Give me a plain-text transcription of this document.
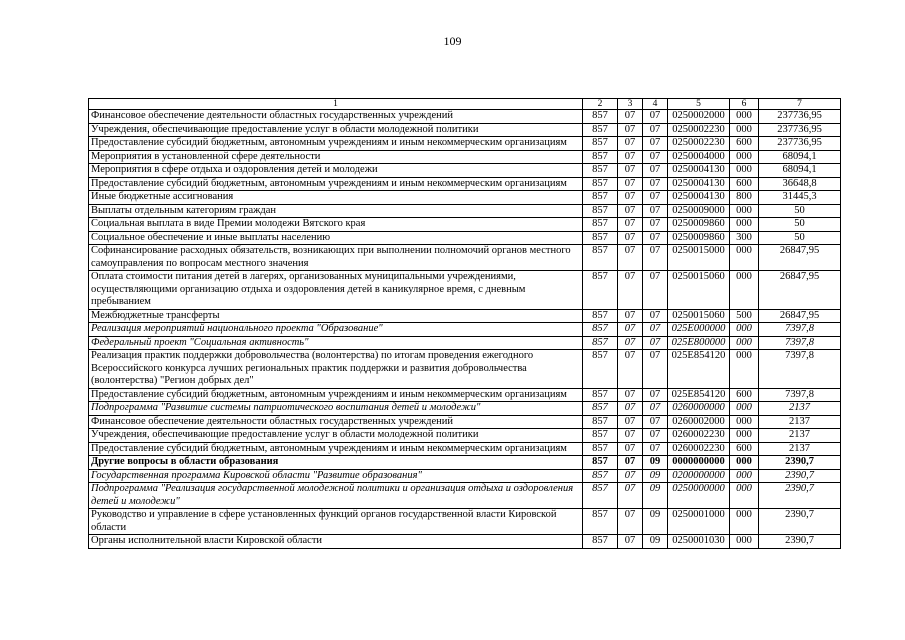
109
1	2	3	4	5	6	7
Финансовое обеспечение деятельности областных государственных учреждений	857	07	07	0250002000	000	237736,95
Учреждения, обеспечивающие предоставление услуг в области молодежной политики	857	07	07	0250002230	000	237736,95
Предоставление субсидий бюджетным, автономным учреждениям и иным некоммерческим организациям	857	07	07	0250002230	600	237736,95
Мероприятия в установленной сфере деятельности	857	07	07	0250004000	000	68094,1
Мероприятия в сфере отдыха и оздоровления детей и молодежи	857	07	07	0250004130	000	68094,1
Предоставление субсидий бюджетным, автономным учреждениям и иным некоммерческим организациям	857	07	07	0250004130	600	36648,8
Иные бюджетные ассигнования	857	07	07	0250004130	800	31445,3
Выплаты отдельным категориям граждан	857	07	07	0250009000	000	50
Социальная выплата в виде Премии молодежи Вятского края	857	07	07	0250009860	000	50
Социальное обеспечение и иные выплаты населению	857	07	07	0250009860	300	50
Софинансирование расходных обязательств, возникающих при выполнении полномочий органов местного самоуправления по вопросам местного значения	857	07	07	0250015000	000	26847,95
Оплата стоимости питания детей в лагерях, организованных муниципальными учреждениями, осуществляющими организацию отдыха и оздоровления детей в каникулярное время, с дневным пребыванием	857	07	07	0250015060	000	26847,95
Межбюджетные трансферты	857	07	07	0250015060	500	26847,95
Реализация мероприятий национального проекта "Образование"	857	07	07	025E000000	000	7397,8
Федеральный проект "Социальная активность"	857	07	07	025E800000	000	7397,8
Реализация практик поддержки добровольчества (волонтерства) по итогам проведения ежегодного Всероссийского конкурса лучших региональных практик поддержки и развития добровольчества (волонтерства) "Регион добрых дел"	857	07	07	025E854120	000	7397,8
Предоставление субсидий бюджетным, автономным учреждениям и иным некоммерческим организациям	857	07	07	025E854120	600	7397,8
Подпрограмма "Развитие системы патриотического воспитания детей и молодежи"	857	07	07	0260000000	000	2137
Финансовое обеспечение деятельности областных государственных учреждений	857	07	07	0260002000	000	2137
Учреждения, обеспечивающие предоставление услуг в области молодежной политики	857	07	07	0260002230	000	2137
Предоставление субсидий бюджетным, автономным учреждениям и иным некоммерческим организациям	857	07	07	0260002230	600	2137
Другие вопросы в области образования	857	07	09	0000000000	000	2390,7
Государственная программа Кировской области "Развитие образования"	857	07	09	0200000000	000	2390,7
Подпрограмма "Реализация государственной молодежной политики и организация отдыха и оздоровления детей и молодежи"	857	07	09	0250000000	000	2390,7
Руководство и управление в сфере установленных функций органов государственной власти Кировской области	857	07	09	0250001000	000	2390,7
Органы исполнительной власти Кировской области	857	07	09	0250001030	000	2390,7
